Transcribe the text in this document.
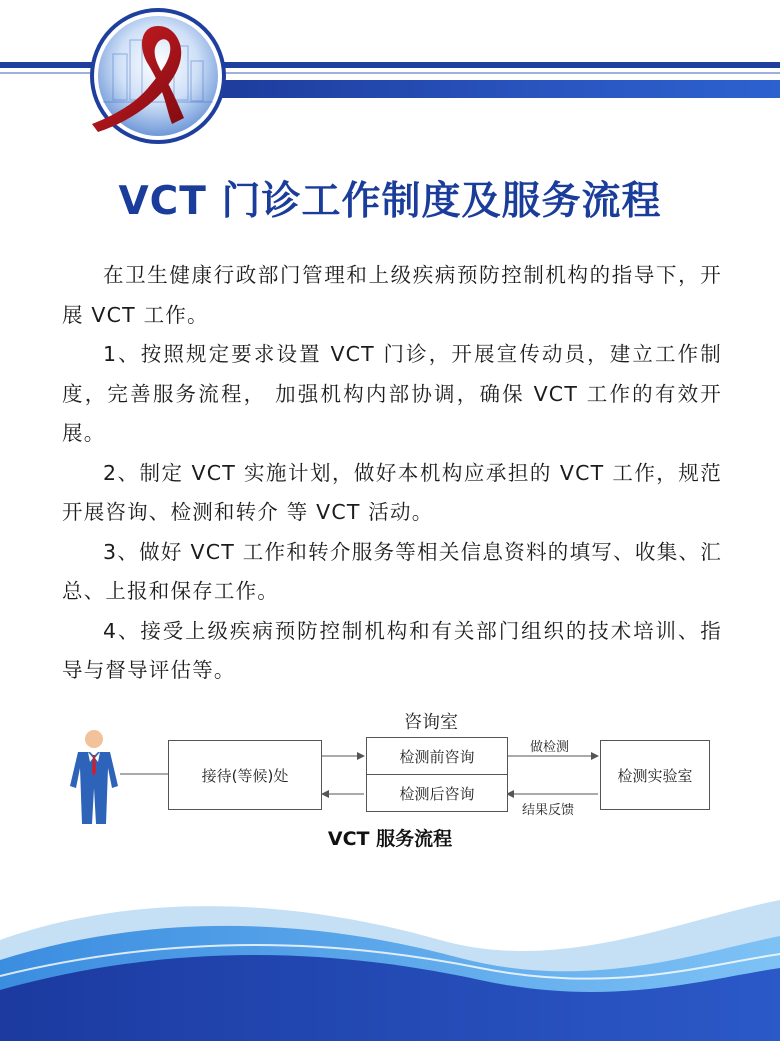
VCT 门诊工作制度及服务流程

在卫生健康行政部门管理和上级疾病预防控制机构的指导下，开展 VCT 工作。

1、按照规定要求设置 VCT 门诊，开展宣传动员，建立工作制度，完善服务流程， 加强机构内部协调，确保 VCT 工作的有效开展。

2、制定 VCT 实施计划，做好本机构应承担的 VCT 工作，规范开展咨询、检测和转介 等 VCT 活动。

3、做好 VCT 工作和转介服务等相关信息资料的填写、收集、汇总、上报和保存工作。

4、接受上级疾病预防控制机构和有关部门组织的技术培训、指导与督导评估等。

咨询室
接待(等候)处
检测前咨询
检测后咨询
检测实验室
做检测
结果反馈
VCT 服务流程
